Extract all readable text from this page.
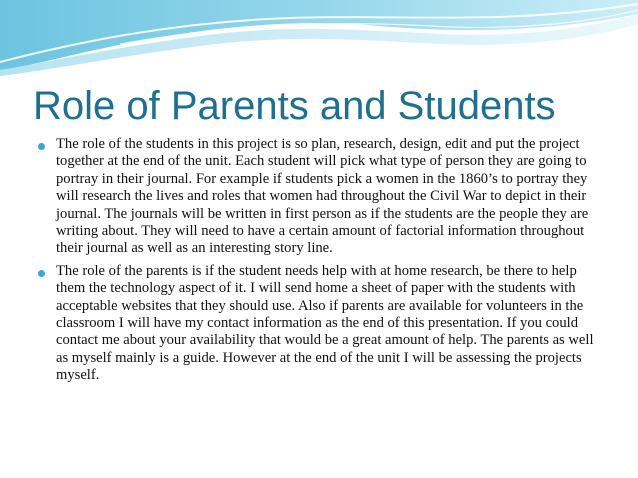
Role of Parents and Students
The role of the students in this project is so plan, research, design, edit and put the project together at the end of the unit. Each student will pick what type of person they are going to portray in their journal. For example if students pick a women in the 1860’s to portray they will research the lives and roles that women had throughout the Civil War to depict in their journal. The journals will be written in first person as if the students are the people they are writing about. They will need to have a certain amount of factorial information throughout their journal as well as an interesting story line.
The role of the parents is if the student needs help with at home research, be there to help them the technology aspect of it. I will send home a sheet of paper with the students with acceptable websites that they should use. Also if parents are available for volunteers in the classroom I will have my contact information as the end of this presentation. If you could contact me about your availability that would be a great amount of help. The parents as well as myself mainly is a guide. However at the end of the unit I will be assessing the projects myself.
